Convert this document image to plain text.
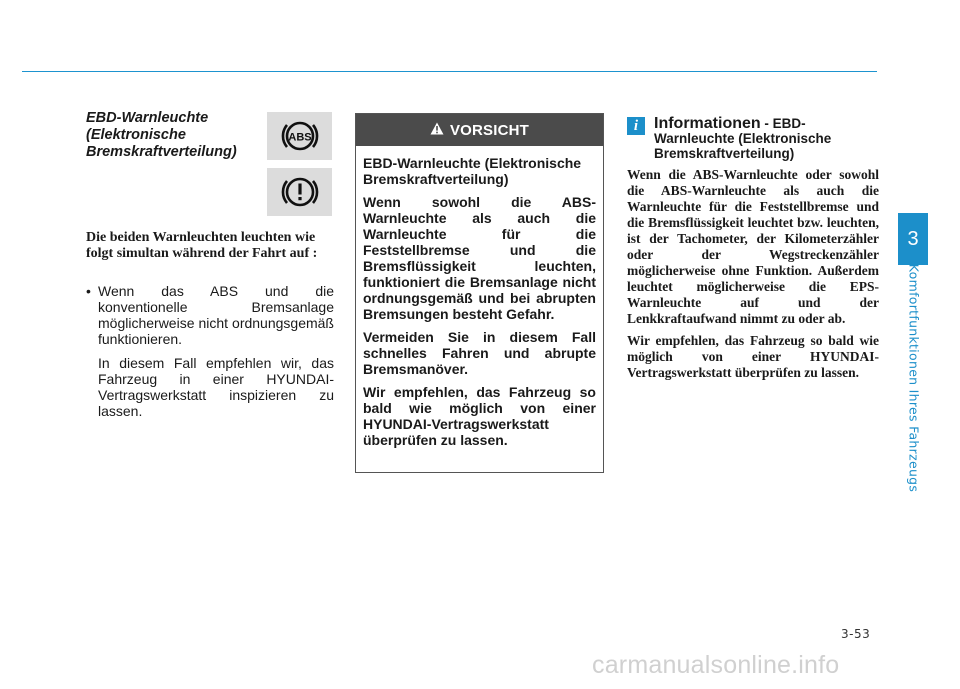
3
Komfortfunktionen Ihres Fahrzeugs

EBD-Warnleuchte (Elektronische Bremskraftverteilung)

ABS

Die beiden Warnleuchten leuchten wie folgt simultan während der Fahrt auf :

• Wenn das ABS und die konventionelle Bremsanlage möglicherweise nicht ordnungsgemäß funktionieren.

In diesem Fall empfehlen wir, das Fahrzeug in einer HYUNDAI-Vertragswerkstatt inspizieren zu lassen.

VORSICHT

EBD-Warnleuchte (Elektronische Bremskraftverteilung)

Wenn sowohl die ABS-Warnleuchte als auch die Warnleuchte für die Feststellbremse und die Bremsflüssigkeit leuchten, funktioniert die Bremsanlage nicht ordnungsgemäß und bei abrupten Bremsungen besteht Gefahr.

Vermeiden Sie in diesem Fall schnelles Fahren und abrupte Bremsmanöver.

Wir empfehlen, das Fahrzeug so bald wie möglich von einer HYUNDAI-Vertragswerkstatt überprüfen zu lassen.

i Informationen - EBD-Warnleuchte (Elektronische Bremskraftverteilung)

Wenn die ABS-Warnleuchte oder sowohl die ABS-Warnleuchte als auch die Warnleuchte für die Feststellbremse und die Bremsflüssigkeit leuchtet bzw. leuchten, ist der Tachometer, der Kilometerzähler oder der Wegstreckenzähler möglicherweise ohne Funktion. Außerdem leuchtet möglicherweise die EPS-Warnleuchte auf und der Lenkkraftaufwand nimmt zu oder ab.

Wir empfehlen, das Fahrzeug so bald wie möglich von einer HYUNDAI-Vertragswerkstatt überprüfen zu lassen.

3-53
carmanualsonline.info
